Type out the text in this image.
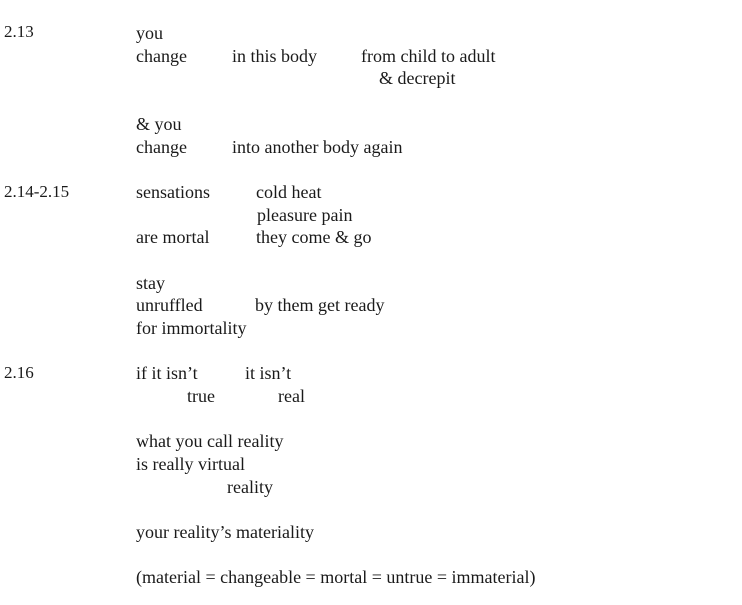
2.13	you
change	in this body from child to adult
& decrepit
& you
change	into another body again
2.14-2.15	sensations	cold heat
pleasure pain
are mortal	they come & go
stay
unruffled	by them get ready
for immortality
2.16	if it isn’t	it isn’t
true	real
what you call reality
is really virtual
reality
your reality’s materiality
(material = changeable = mortal = untrue = immaterial)
